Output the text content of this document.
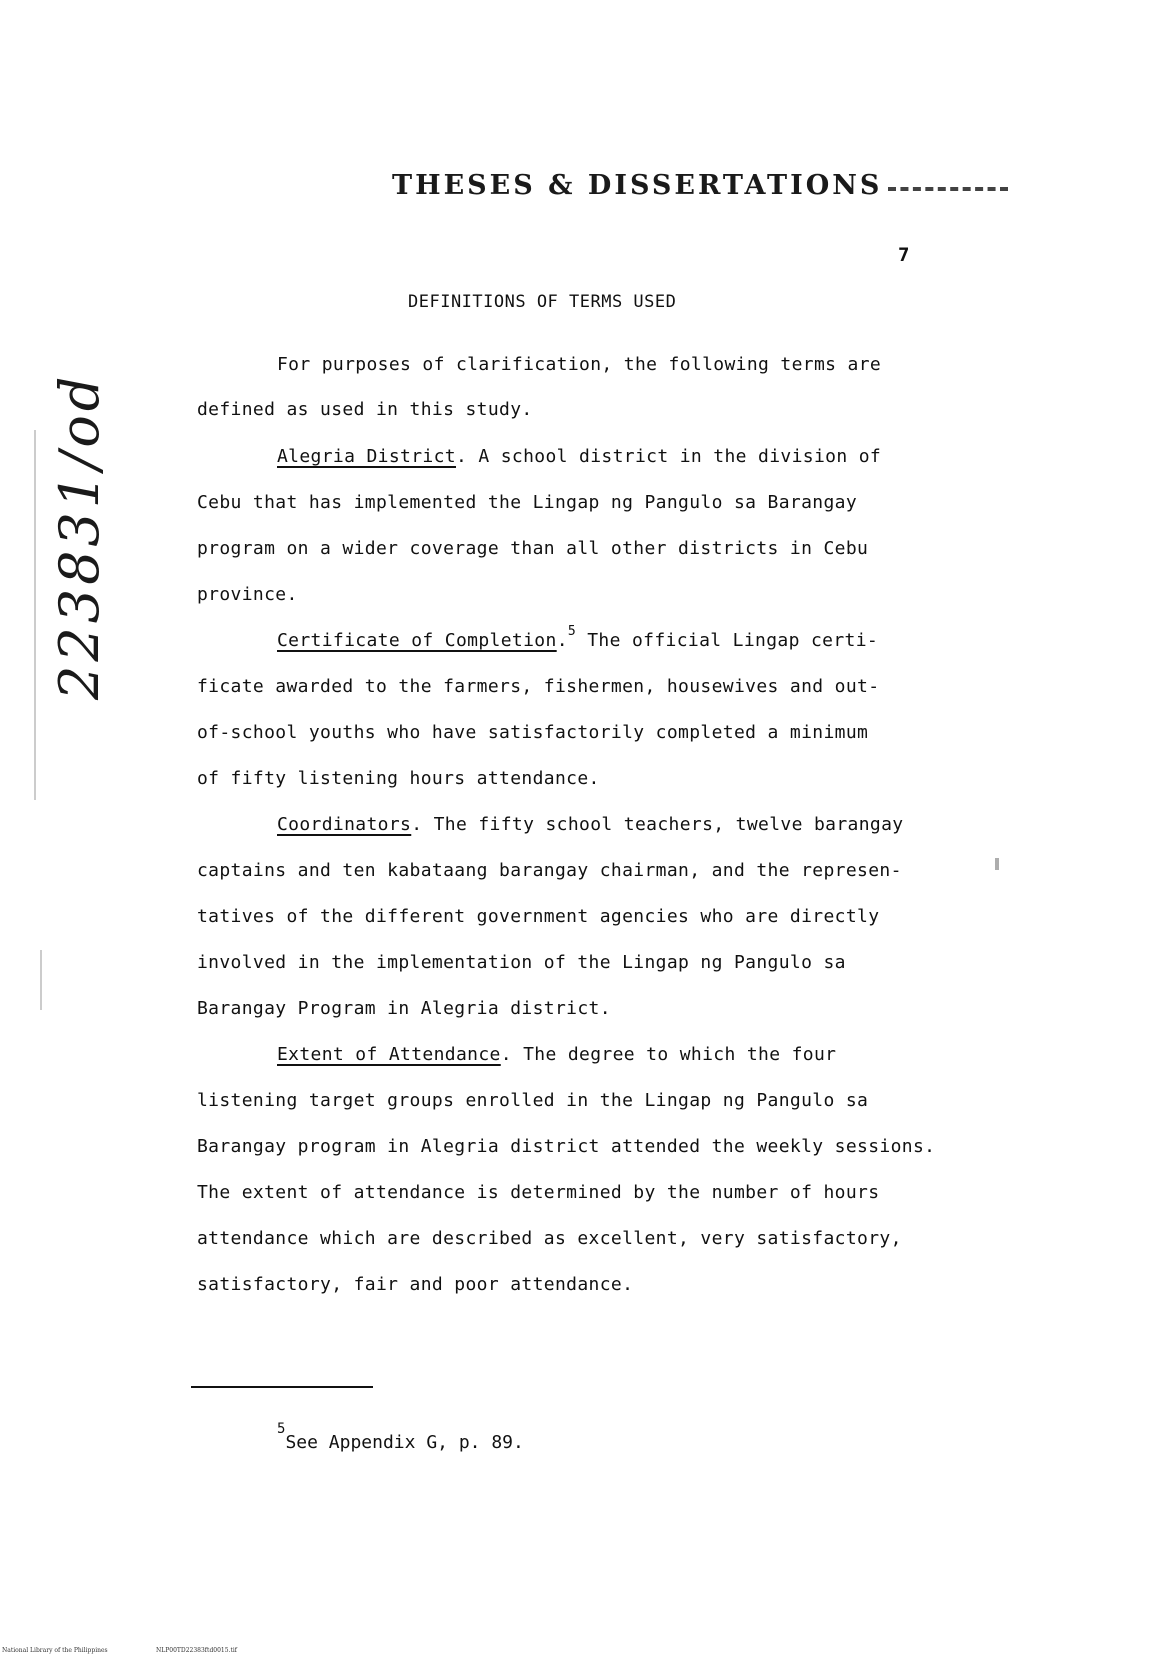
THESES & DISSERTATIONS
7
DEFINITIONS OF TERMS USED
For purposes of clarification, the following terms are
defined as used in this study.
Alegria District. A school district in the division of
Cebu that has implemented the Lingap ng Pangulo sa Barangay
program on a wider coverage than all other districts in Cebu
province.
Certificate of Completion.$^5$ The official Lingap certi-
ficate awarded to the farmers, fishermen, housewives and out-
of-school youths who have satisfactorily completed a minimum
of fifty listening hours attendance.
Coordinators. The fifty school teachers, twelve barangay
captains and ten kabataang barangay chairman, and the represen-
tatives of the different government agencies who are directly
involved in the implementation of the Lingap ng Pangulo sa
Barangay Program in Alegria district.
Extent of Attendance. The degree to which the four
listening target groups enrolled in the Lingap ng Pangulo sa
Barangay program in Alegria district attended the weekly sessions.
The extent of attendance is determined by the number of hours
attendance which are described as excellent, very satisfactory,
satisfactory, fair and poor attendance.
$^5$See Appendix G, p. 89.
223831/od
National Library of the Philippines	NLP00TD22383ftd0015.tif
